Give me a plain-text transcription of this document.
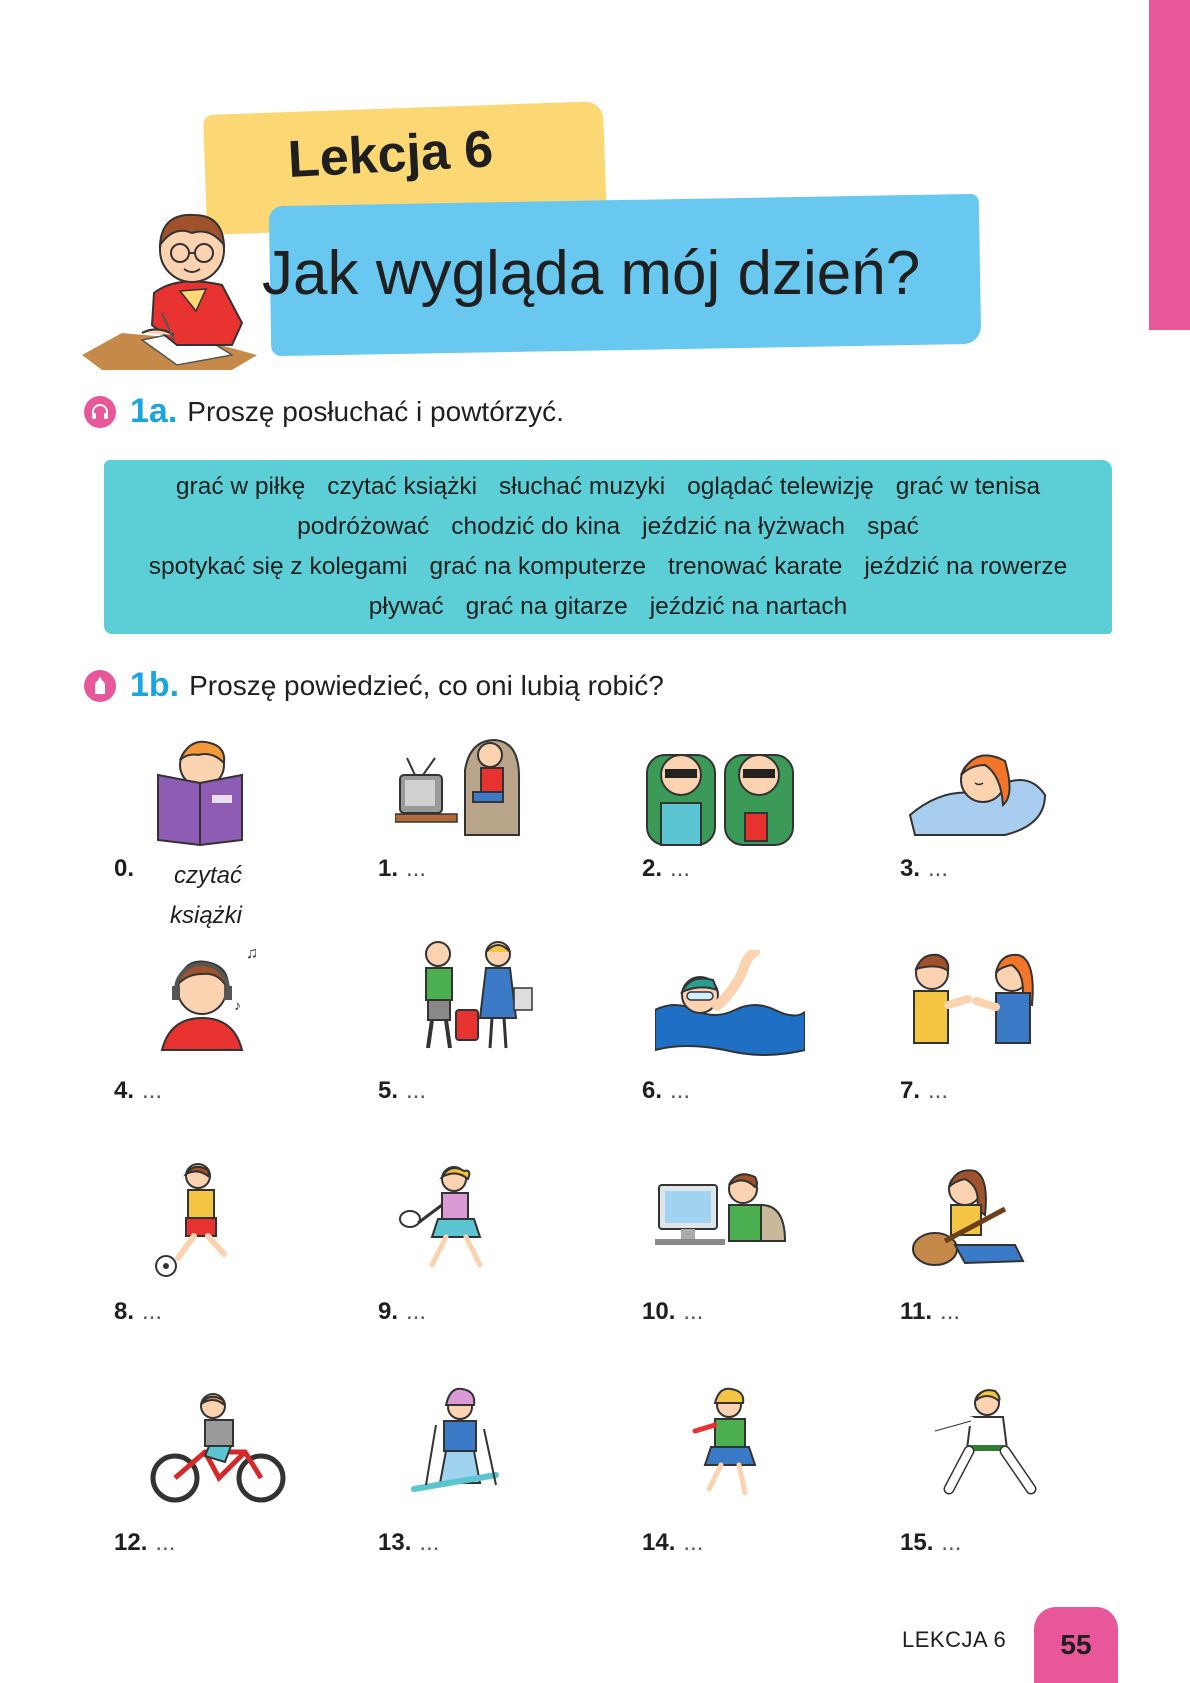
Lekcja 6
Jak wygląda mój dzień?
1a. Proszę posłuchać i powtórzyć.
grać w piłkę czytać książki słuchać muzyki oglądać telewizję grać w tenisa
podróżować chodzić do kina jeździć na łyżwach spać
spotykać się z kolegami grać na komputerze trenować karate jeździć na rowerze
pływać grać na gitarze jeździć na nartach
1b. Proszę powiedzieć, co oni lubią robić?
0.	czytać
książki
1. ...	2. ...	3. ...
♫
♪
4. ...	5. ...	6. ...	7. ...
8. ...	9. ...	10. ...	11. ...
12. ...	13. ...	14. ...	15. ...
LEKCJA 6	55
